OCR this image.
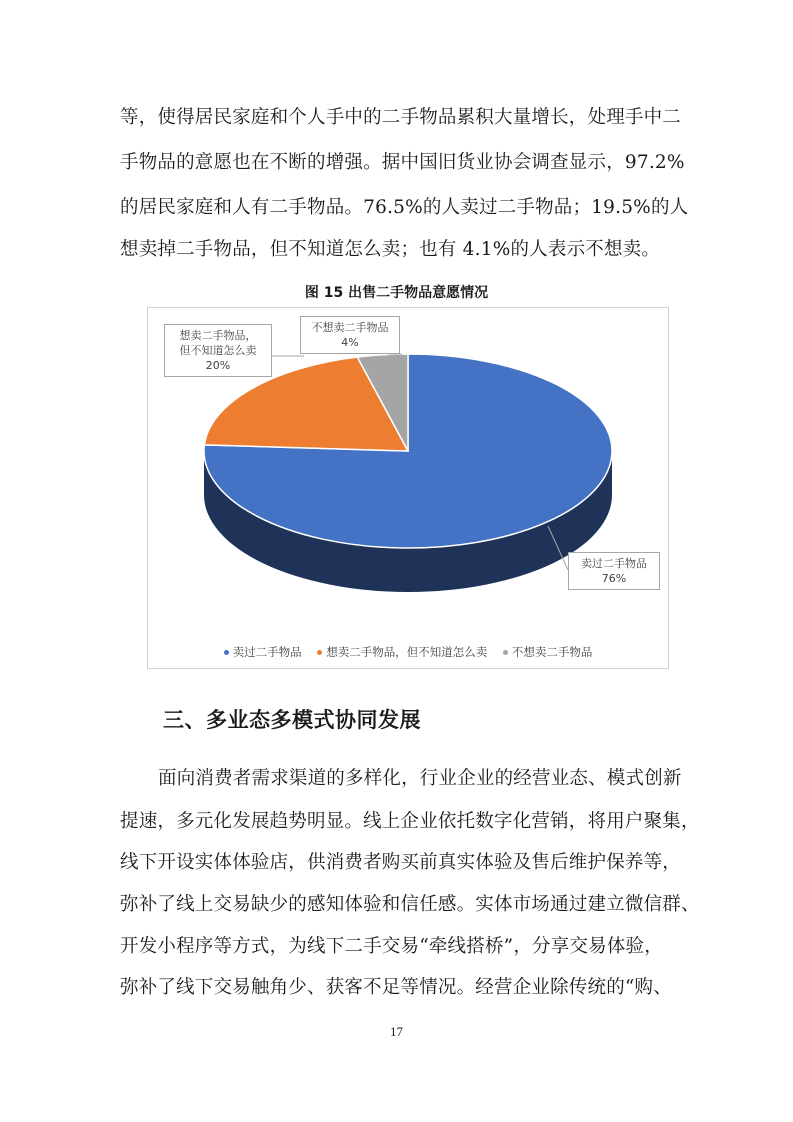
等，使得居民家庭和个人手中的二手物品累积大量增长，处理手中二
手物品的意愿也在不断的增强。据中国旧货业协会调查显示，97.2%
的居民家庭和人有二手物品。76.5%的人卖过二手物品；19.5%的人
想卖掉二手物品，但不知道怎么卖；也有 4.1%的人表示不想卖。
图 15 出售二手物品意愿情况
想卖二手物品，
但不知道怎么卖
20%
不想卖二手物品
4%
卖过二手物品
76%
卖过二手物品 想卖二手物品，但不知道怎么卖 不想卖二手物品
三、多业态多模式协同发展
面向消费者需求渠道的多样化，行业企业的经营业态、模式创新
提速，多元化发展趋势明显。线上企业依托数字化营销，将用户聚集，
线下开设实体体验店，供消费者购买前真实体验及售后维护保养等，
弥补了线上交易缺少的感知体验和信任感。实体市场通过建立微信群、
开发小程序等方式，为线下二手交易“牵线搭桥”，分享交易体验，
弥补了线下交易触角少、获客不足等情况。经营企业除传统的“购、
17
